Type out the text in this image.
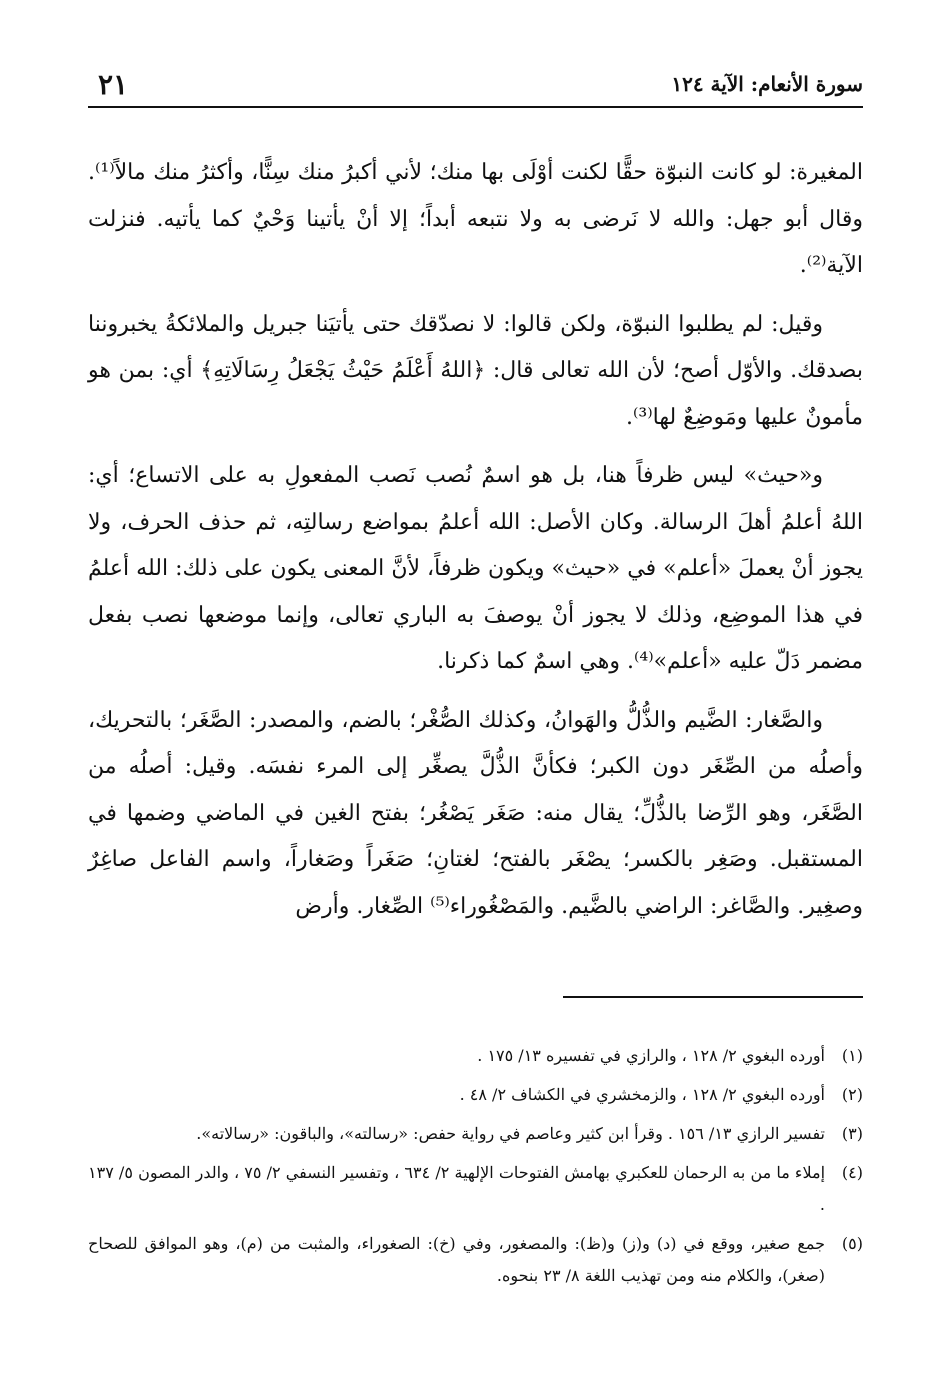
سورة الأنعام: الآية ١٢٤
٢١

المغيرة: لو كانت النبوّة حقًّا لكنت أوْلَى بها منك؛ لأني أكبرُ منك سِنًّا، وأكثرُ منك مالاً⁽¹⁾. وقال أبو جهل: والله لا نَرضى به ولا نتبعه أبداً؛ إلا أنْ يأتينا وَحْيٌ كما يأتيه. فنزلت الآية⁽²⁾.

وقيل: لم يطلبوا النبوّة، ولكن قالوا: لا نصدّقك حتى يأتيَنا جبريل والملائكةُ يخبروننا بصدقك. والأوّل أصح؛ لأن الله تعالى قال: ﴿اللهُ أَعْلَمُ حَيْثُ يَجْعَلُ رِسَالَاتِهِ﴾ أي: بمن هو مأمونٌ عليها ومَوضِعٌ لها⁽³⁾.

و«حيث» ليس ظرفاً هنا، بل هو اسمٌ نُصب نَصب المفعولِ به على الاتساع؛ أي: اللهُ أعلمُ أهلَ الرسالة. وكان الأصل: الله أعلمُ بمواضع رسالتِه، ثم حذف الحرف، ولا يجوز أنْ يعملَ «أعلم» في «حيث» ويكون ظرفاً، لأنَّ المعنى يكون على ذلك: الله أعلمُ في هذا الموضِع، وذلك لا يجوز أنْ يوصفَ به الباري تعالى، وإنما موضعها نصب بفعل مضمر دَلّ عليه «أعلم»⁽⁴⁾. وهي اسمٌ كما ذكرنا.

والصَّغار: الضَّيم والذُّلُّ والهَوانُ، وكذلك الصُّغْر؛ بالضم، والمصدر: الصَّغَر؛ بالتحريك، وأصلُه من الصِّغَر دون الكبر؛ فكأنَّ الذُّلَّ يصغِّر إلى المرء نفسَه. وقيل: أصلُه من الصَّغَر، وهو الرِّضا بالذُّلِّ؛ يقال منه: صَغَر يَصْغُر؛ بفتح الغين في الماضي وضمها في المستقبل. وصَغِر بالكسر؛ يصْغَر بالفتح؛ لغتانِ؛ صَغَراً وصَغاراً، واسم الفاعل صاغِرٌ وصغِير. والصَّاغر: الراضي بالضَّيم. والمَصْغُوراء⁽⁵⁾ الصِّغار. وأرض

(١)
أورده البغوي ٢/ ١٢٨ ، والرازي في تفسيره ١٣/ ١٧٥ .
(٢)
أورده البغوي ٢/ ١٢٨ ، والزمخشري في الكشاف ٢/ ٤٨ .
(٣)
تفسير الرازي ١٣/ ١٥٦ . وقرأ ابن كثير وعاصم في رواية حفص: «رسالته»، والباقون: «رسالاته».
(٤)
إملاء ما من به الرحمان للعكبري بهامش الفتوحات الإلهية ٢/ ٦٣٤ ، وتفسير النسفي ٢/ ٧٥ ، والدر المصون ٥/ ١٣٧ .
(٥)
جمع صغير، ووقع في (د) و(ز) و(ظ): والمصغور، وفي (خ): الصغوراء، والمثبت من (م)، وهو الموافق للصحاح (صغر)، والكلام منه ومن تهذيب اللغة ٨/ ٢٣ بنحوه.
